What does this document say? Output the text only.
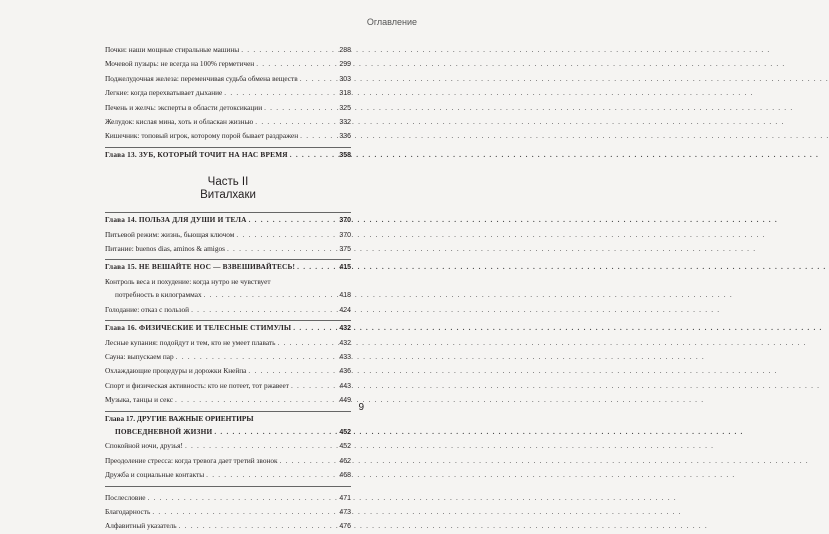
Оглавление
Почки: наши мощные стиральные машины . . .	288
Мочевой пузырь: не всегда на 100% герметичен . . .	299
Поджелудочная железа: переменчивая судьба обмена веществ . . .	303
Легкие: когда перехватывает дыхание . . .	318
Печень и желчь: эксперты в области детоксикации . . .	325
Желудок: кислая мина, хоть и обласкан жизнью . . .	332
Кишечник: топовый игрок, которому порой бывает раздражен . . .	336
Глава 13. ЗУБ, КОТОРЫЙ ТОЧИТ НА НАС ВРЕМЯ . . .	358
Часть II
Виталхаки
Глава 14. ПОЛЬЗА ДЛЯ ДУШИ И ТЕЛА . . .	370
Питьевой режим: жизнь, бьющая ключом . . .	370
Питание: buenos dias, aminos & amigos . . .	375
Глава 15. НЕ ВЕШАЙТЕ НОС — ВЗВЕШИВАЙТЕСЬ! . . .	415
Контроль веса и похудение: когда нутро не чувствует
потребность в килограммах . . .	418
Голодание: отказ с пользой . . .	424
Глава 16. ФИЗИЧЕСКИЕ И ТЕЛЕСНЫЕ СТИМУЛЫ . . .	432
Лесные купания: подойдут и тем, кто не умеет плавать . . .	432
Сауна: выпускаем пар . . .	433
Охлаждающие процедуры и дорожки Кнейпа . . .	436
Спорт и физическая активность: кто не потеет, тот ржавеет . . .	443
Музыка, танцы и секс . . .	449
Глава 17. ДРУГИЕ ВАЖНЫЕ ОРИЕНТИРЫ
ПОВСЕДНЕВНОЙ ЖИЗНИ . . .	452
Спокойной ночи, друзья! . . .	452
Преодоление стресса: когда тревога дает третий звонок . . .	462
Дружба и социальные контакты . . .	468
Послесловие . . .	471
Благодарность . . .	473
Алфавитный указатель . . .	476
9
